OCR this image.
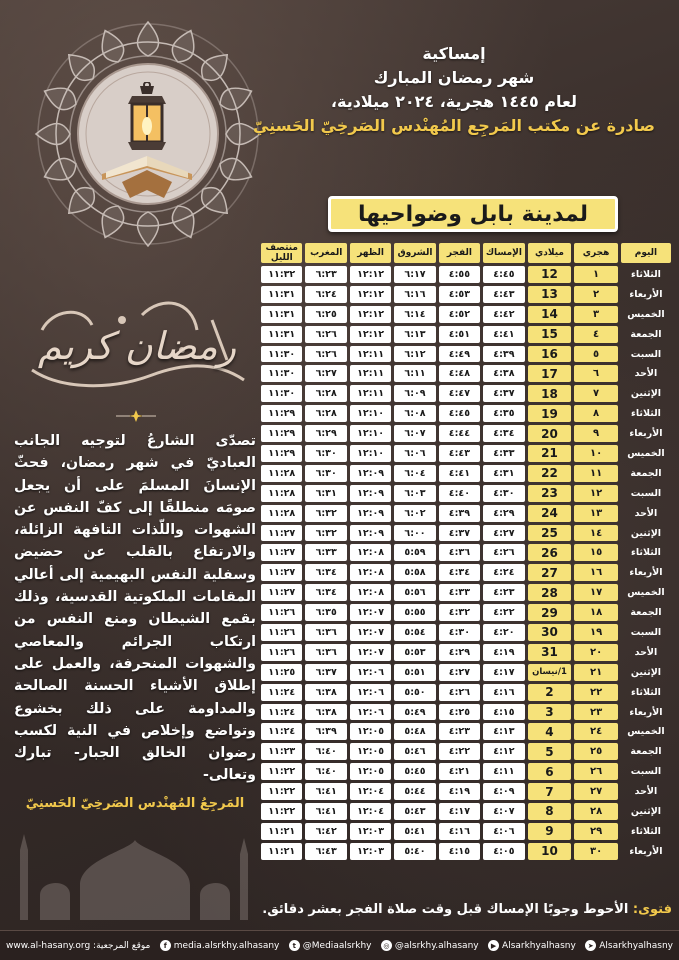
إمساكية
شهر رمضان المبارك
لعام ١٤٤٥ هجرية، ٢٠٢٤ ميلادية،
صادرة عن مكتب المَرجِع المُهنْدس الصَرخِيّ الحَسنِيّ
لمدينة بابل وضواحيها
رمضان كريم
تصدّى الشارعُ لتوجيه الجانب العباديّ في شهر رمضان، فحثّ الإنسانَ المسلمَ على أن يجعل صومَه منطلقًا إلى كفّ النفس عن الشهوات واللّذات التافهة الزائلة، والارتفاع بالقلب عن حضيض وسفلية النفس البهيمية إلى أعالي المقامات الملكوتية القدسية، وذلك بقمع الشيطان ومنع النفس من ارتكاب الجرائم والمعاصي والشهوات المنحرفة، والعمل على إطلاق الأشياء الحسنة الصالحة والمداومة على ذلك بخشوع وتواضع وإخلاص في النية لكسب رضوان الخالق الجبار- تبارك وتعالى-
المَرجِعُ المُهنْدس الصَرخِيّ الحَسنِيّ
اليوم	هجري	ميلادي	الإمساك	الفجر	الشروق	الظهر	المغرب	منتصف الليل
الثلاثاء	١	12	٤:٤٥	٤:٥٥	٦:١٧	١٢:١٢	٦:٢٣	١١:٣٢
الأربعاء	٢	13	٤:٤٣	٤:٥٣	٦:١٦	١٢:١٢	٦:٢٤	١١:٣١
الخميس	٣	14	٤:٤٢	٤:٥٢	٦:١٤	١٢:١٢	٦:٢٥	١١:٣١
الجمعة	٤	15	٤:٤١	٤:٥١	٦:١٣	١٢:١٢	٦:٢٦	١١:٣١
السبت	٥	16	٤:٣٩	٤:٤٩	٦:١٢	١٢:١١	٦:٢٦	١١:٣٠
الأحد	٦	17	٤:٣٨	٤:٤٨	٦:١١	١٢:١١	٦:٢٧	١١:٣٠
الإثنين	٧	18	٤:٣٧	٤:٤٧	٦:٠٩	١٢:١١	٦:٢٨	١١:٣٠
الثلاثاء	٨	19	٤:٣٥	٤:٤٥	٦:٠٨	١٢:١٠	٦:٢٨	١١:٢٩
الأربعاء	٩	20	٤:٣٤	٤:٤٤	٦:٠٧	١٢:١٠	٦:٢٩	١١:٢٩
الخميس	١٠	21	٤:٣٣	٤:٤٣	٦:٠٦	١٢:١٠	٦:٣٠	١١:٢٩
الجمعة	١١	22	٤:٣١	٤:٤١	٦:٠٤	١٢:٠٩	٦:٣٠	١١:٢٨
السبت	١٢	23	٤:٣٠	٤:٤٠	٦:٠٣	١٢:٠٩	٦:٣١	١١:٢٨
الأحد	١٣	24	٤:٢٩	٤:٣٩	٦:٠٢	١٢:٠٩	٦:٣٢	١١:٢٨
الإثنين	١٤	25	٤:٢٧	٤:٣٧	٦:٠٠	١٢:٠٩	٦:٣٢	١١:٢٧
الثلاثاء	١٥	26	٤:٢٦	٤:٣٦	٥:٥٩	١٢:٠٨	٦:٣٣	١١:٢٧
الأربعاء	١٦	27	٤:٢٤	٤:٣٤	٥:٥٨	١٢:٠٨	٦:٣٤	١١:٢٧
الخميس	١٧	28	٤:٢٣	٤:٣٣	٥:٥٦	١٢:٠٨	٦:٣٤	١١:٢٧
الجمعة	١٨	29	٤:٢٢	٤:٣٢	٥:٥٥	١٢:٠٧	٦:٣٥	١١:٢٦
السبت	١٩	30	٤:٢٠	٤:٣٠	٥:٥٤	١٢:٠٧	٦:٣٦	١١:٢٦
الأحد	٢٠	31	٤:١٩	٤:٢٩	٥:٥٣	١٢:٠٧	٦:٣٦	١١:٢٦
الإثنين	٢١	1/نيسان	٤:١٧	٤:٢٧	٥:٥١	١٢:٠٦	٦:٣٧	١١:٢٥
الثلاثاء	٢٢	2	٤:١٦	٤:٢٦	٥:٥٠	١٢:٠٦	٦:٣٨	١١:٢٤
الأربعاء	٢٣	3	٤:١٥	٤:٢٥	٥:٤٩	١٢:٠٦	٦:٣٨	١١:٢٤
الخميس	٢٤	4	٤:١٣	٤:٢٣	٥:٤٨	١٢:٠٥	٦:٣٩	١١:٢٤
الجمعة	٢٥	5	٤:١٢	٤:٢٢	٥:٤٦	١٢:٠٥	٦:٤٠	١١:٢٣
السبت	٢٦	6	٤:١١	٤:٢١	٥:٤٥	١٢:٠٥	٦:٤٠	١١:٢٢
الأحد	٢٧	7	٤:٠٩	٤:١٩	٥:٤٤	١٢:٠٤	٦:٤١	١١:٢٢
الإثنين	٢٨	8	٤:٠٧	٤:١٧	٥:٤٣	١٢:٠٤	٦:٤١	١١:٢٢
الثلاثاء	٢٩	9	٤:٠٦	٤:١٦	٥:٤١	١٢:٠٣	٦:٤٢	١١:٢١
الأربعاء	٣٠	10	٤:٠٥	٤:١٥	٥:٤٠	١٢:٠٣	٦:٤٣	١١:٢١
فتوى: الأحوط وجوبًا الإمساك قبل وقت صلاة الفجر بعشر دقائق.
www.al-hasany.org :موقع المرجعية	f media.alsrkhy.alhasany	t @Mediaalsrkhy	◎ @alsrkhy.alhasany	▶ Alsarkhyalhasny	➤ Alsarkhyalhasny
